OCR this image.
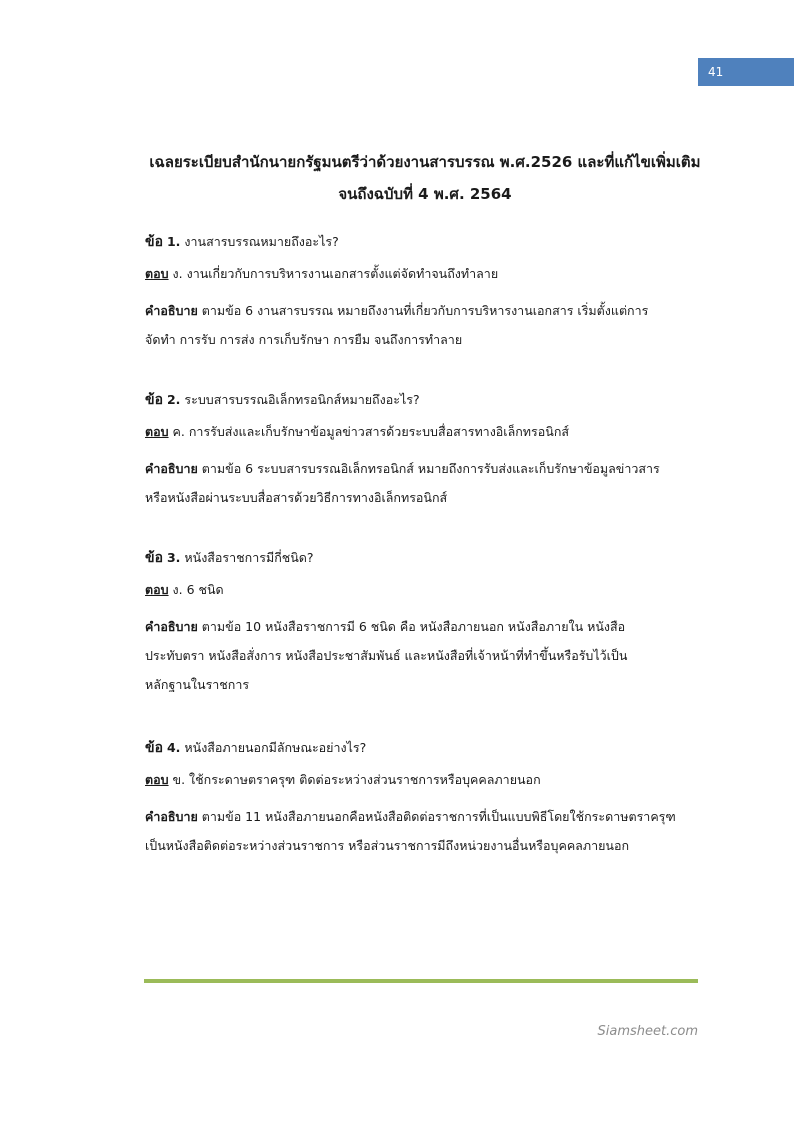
41
เฉลยระเบียบสำนักนายกรัฐมนตรีว่าด้วยงานสารบรรณ พ.ศ.2526 และที่แก้ไขเพิ่มเติม
จนถึงฉบับที่ 4 พ.ศ. 2564

ข้อ 1. งานสารบรรณหมายถึงอะไร?

ตอบ ง. งานเกี่ยวกับการบริหารงานเอกสารตั้งแต่จัดทำจนถึงทำลาย

คำอธิบาย ตามข้อ 6 งานสารบรรณ หมายถึงงานที่เกี่ยวกับการบริหารงานเอกสาร เริ่มตั้งแต่การ
จัดทำ การรับ การส่ง การเก็บรักษา การยืม จนถึงการทำลาย

ข้อ 2. ระบบสารบรรณอิเล็กทรอนิกส์หมายถึงอะไร?

ตอบ ค. การรับส่งและเก็บรักษาข้อมูลข่าวสารด้วยระบบสื่อสารทางอิเล็กทรอนิกส์

คำอธิบาย ตามข้อ 6 ระบบสารบรรณอิเล็กทรอนิกส์ หมายถึงการรับส่งและเก็บรักษาข้อมูลข่าวสาร
หรือหนังสือผ่านระบบสื่อสารด้วยวิธีการทางอิเล็กทรอนิกส์

ข้อ 3. หนังสือราชการมีกี่ชนิด?

ตอบ ง. 6 ชนิด

คำอธิบาย ตามข้อ 10 หนังสือราชการมี 6 ชนิด คือ หนังสือภายนอก หนังสือภายใน หนังสือ
ประทับตรา หนังสือสั่งการ หนังสือประชาสัมพันธ์ และหนังสือที่เจ้าหน้าที่ทำขึ้นหรือรับไว้เป็น
หลักฐานในราชการ

ข้อ 4. หนังสือภายนอกมีลักษณะอย่างไร?

ตอบ ข. ใช้กระดาษตราครุฑ ติดต่อระหว่างส่วนราชการหรือบุคคลภายนอก

คำอธิบาย ตามข้อ 11 หนังสือภายนอกคือหนังสือติดต่อราชการที่เป็นแบบพิธีโดยใช้กระดาษตราครุฑ
เป็นหนังสือติดต่อระหว่างส่วนราชการ หรือส่วนราชการมีถึงหน่วยงานอื่นหรือบุคคลภายนอก

Siamsheet.com
